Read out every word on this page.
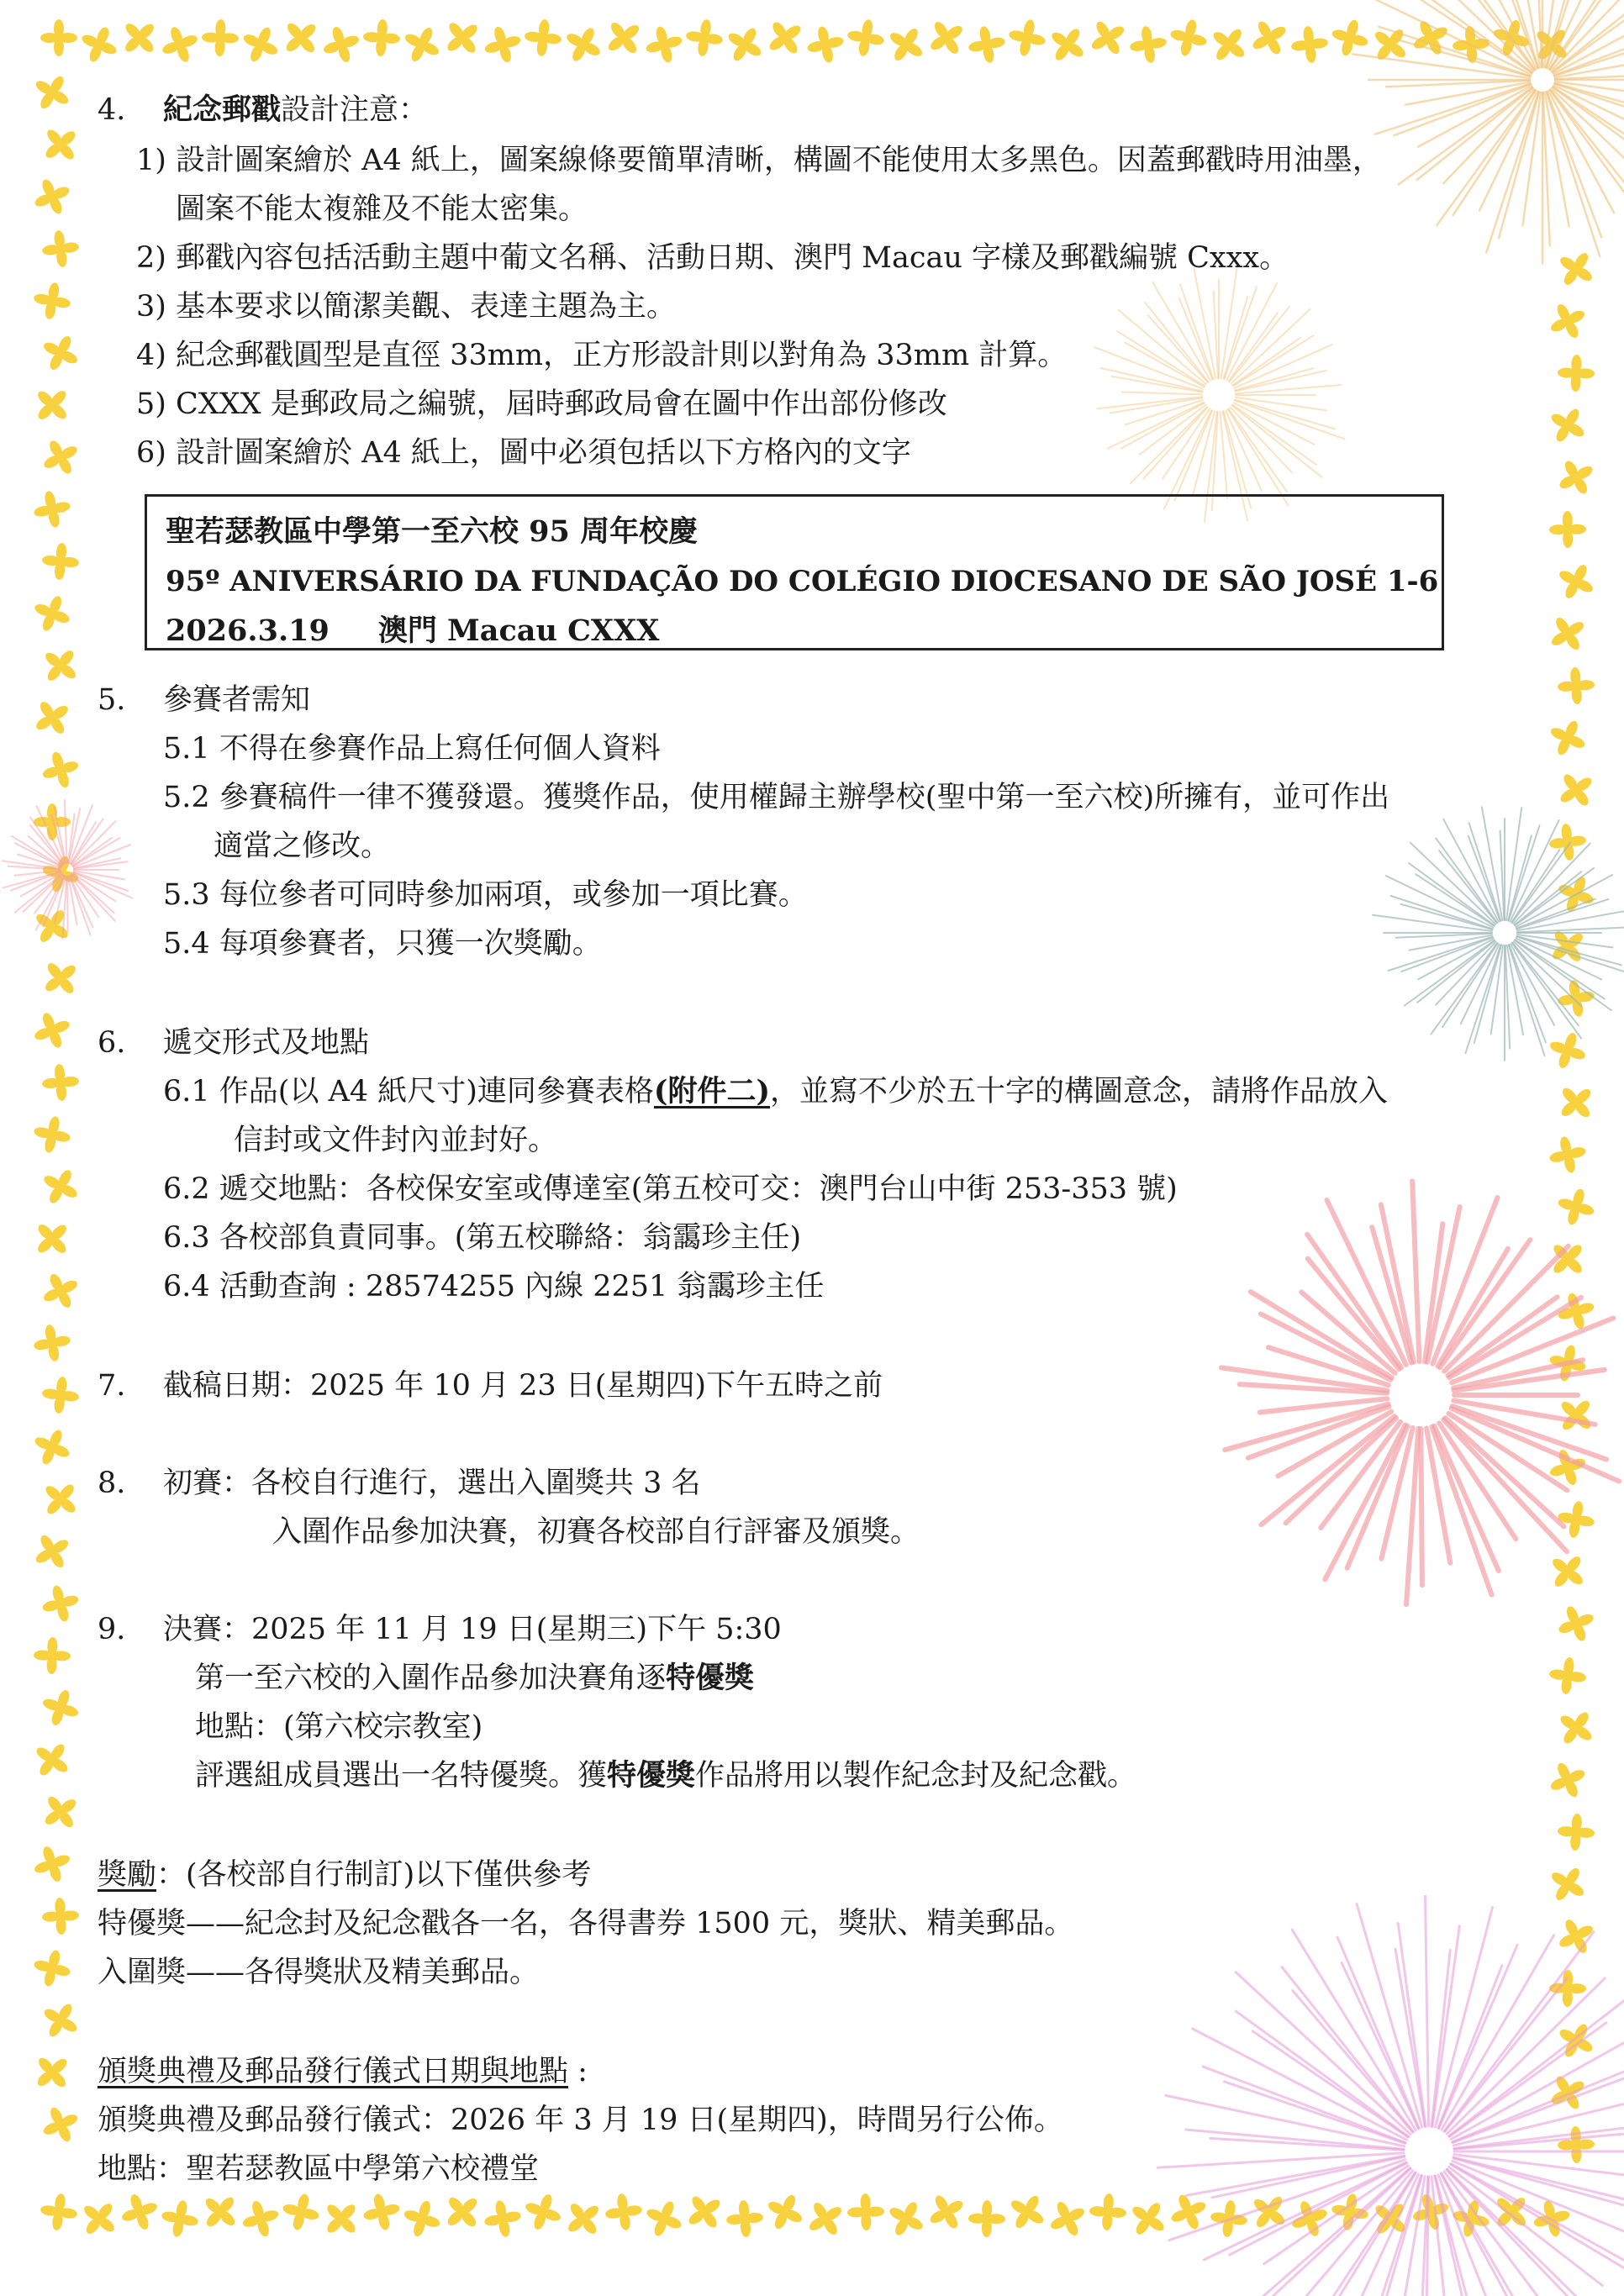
4. 紀念郵戳設計注意：
1) 設計圖案繪於 A4 紙上，圖案線條要簡單清晰，構圖不能使用太多黑色。因蓋郵戳時用油墨，
圖案不能太複雜及不能太密集。
2) 郵戳內容包括活動主題中葡文名稱、活動日期、澳門 Macau 字樣及郵戳編號 Cxxx。
3) 基本要求以簡潔美觀、表達主題為主。
4) 紀念郵戳圓型是直徑 33mm，正方形設計則以對角為 33mm 計算。
5) CXXX 是郵政局之編號，屆時郵政局會在圖中作出部份修改
6) 設計圖案繪於 A4 紙上，圖中必須包括以下方格內的文字
聖若瑟教區中學第一至六校 95 周年校慶
95º ANIVERSÁRIO DA FUNDAÇÃO DO COLÉGIO DIOCESANO DE SÃO JOSÉ 1-6
2026.3.19 澳門 Macau CXXX
5. 參賽者需知
5.1 不得在參賽作品上寫任何個人資料
5.2 參賽稿件一律不獲發還。獲獎作品，使用權歸主辦學校(聖中第一至六校)所擁有，並可作出
適當之修改。
5.3 每位參者可同時參加兩項，或參加一項比賽。
5.4 每項參賽者，只獲一次獎勵。
6. 遞交形式及地點
6.1 作品(以 A4 紙尺寸)連同參賽表格(附件二)，並寫不少於五十字的構圖意念，請將作品放入
信封或文件封內並封好。
6.2 遞交地點：各校保安室或傳達室(第五校可交：澳門台山中街 253-353 號)
6.3 各校部負責同事。(第五校聯絡：翁靄珍主任)
6.4 活動查詢 : 28574255 內線 2251 翁靄珍主任
7. 截稿日期：2025 年 10 月 23 日(星期四)下午五時之前
8. 初賽：各校自行進行，選出入圍獎共 3 名
入圍作品參加決賽，初賽各校部自行評審及頒獎。
9. 決賽：2025 年 11 月 19 日(星期三)下午 5:30
第一至六校的入圍作品參加決賽角逐特優獎
地點：(第六校宗教室)
評選組成員選出一名特優獎。獲特優獎作品將用以製作紀念封及紀念戳。
獎勵：(各校部自行制訂)以下僅供參考
特優獎——紀念封及紀念戳各一名，各得書券 1500 元，獎狀、精美郵品。
入圍獎——各得獎狀及精美郵品。
頒獎典禮及郵品發行儀式日期與地點 :
頒獎典禮及郵品發行儀式：2026 年 3 月 19 日(星期四)，時間另行公佈。
地點：聖若瑟教區中學第六校禮堂
